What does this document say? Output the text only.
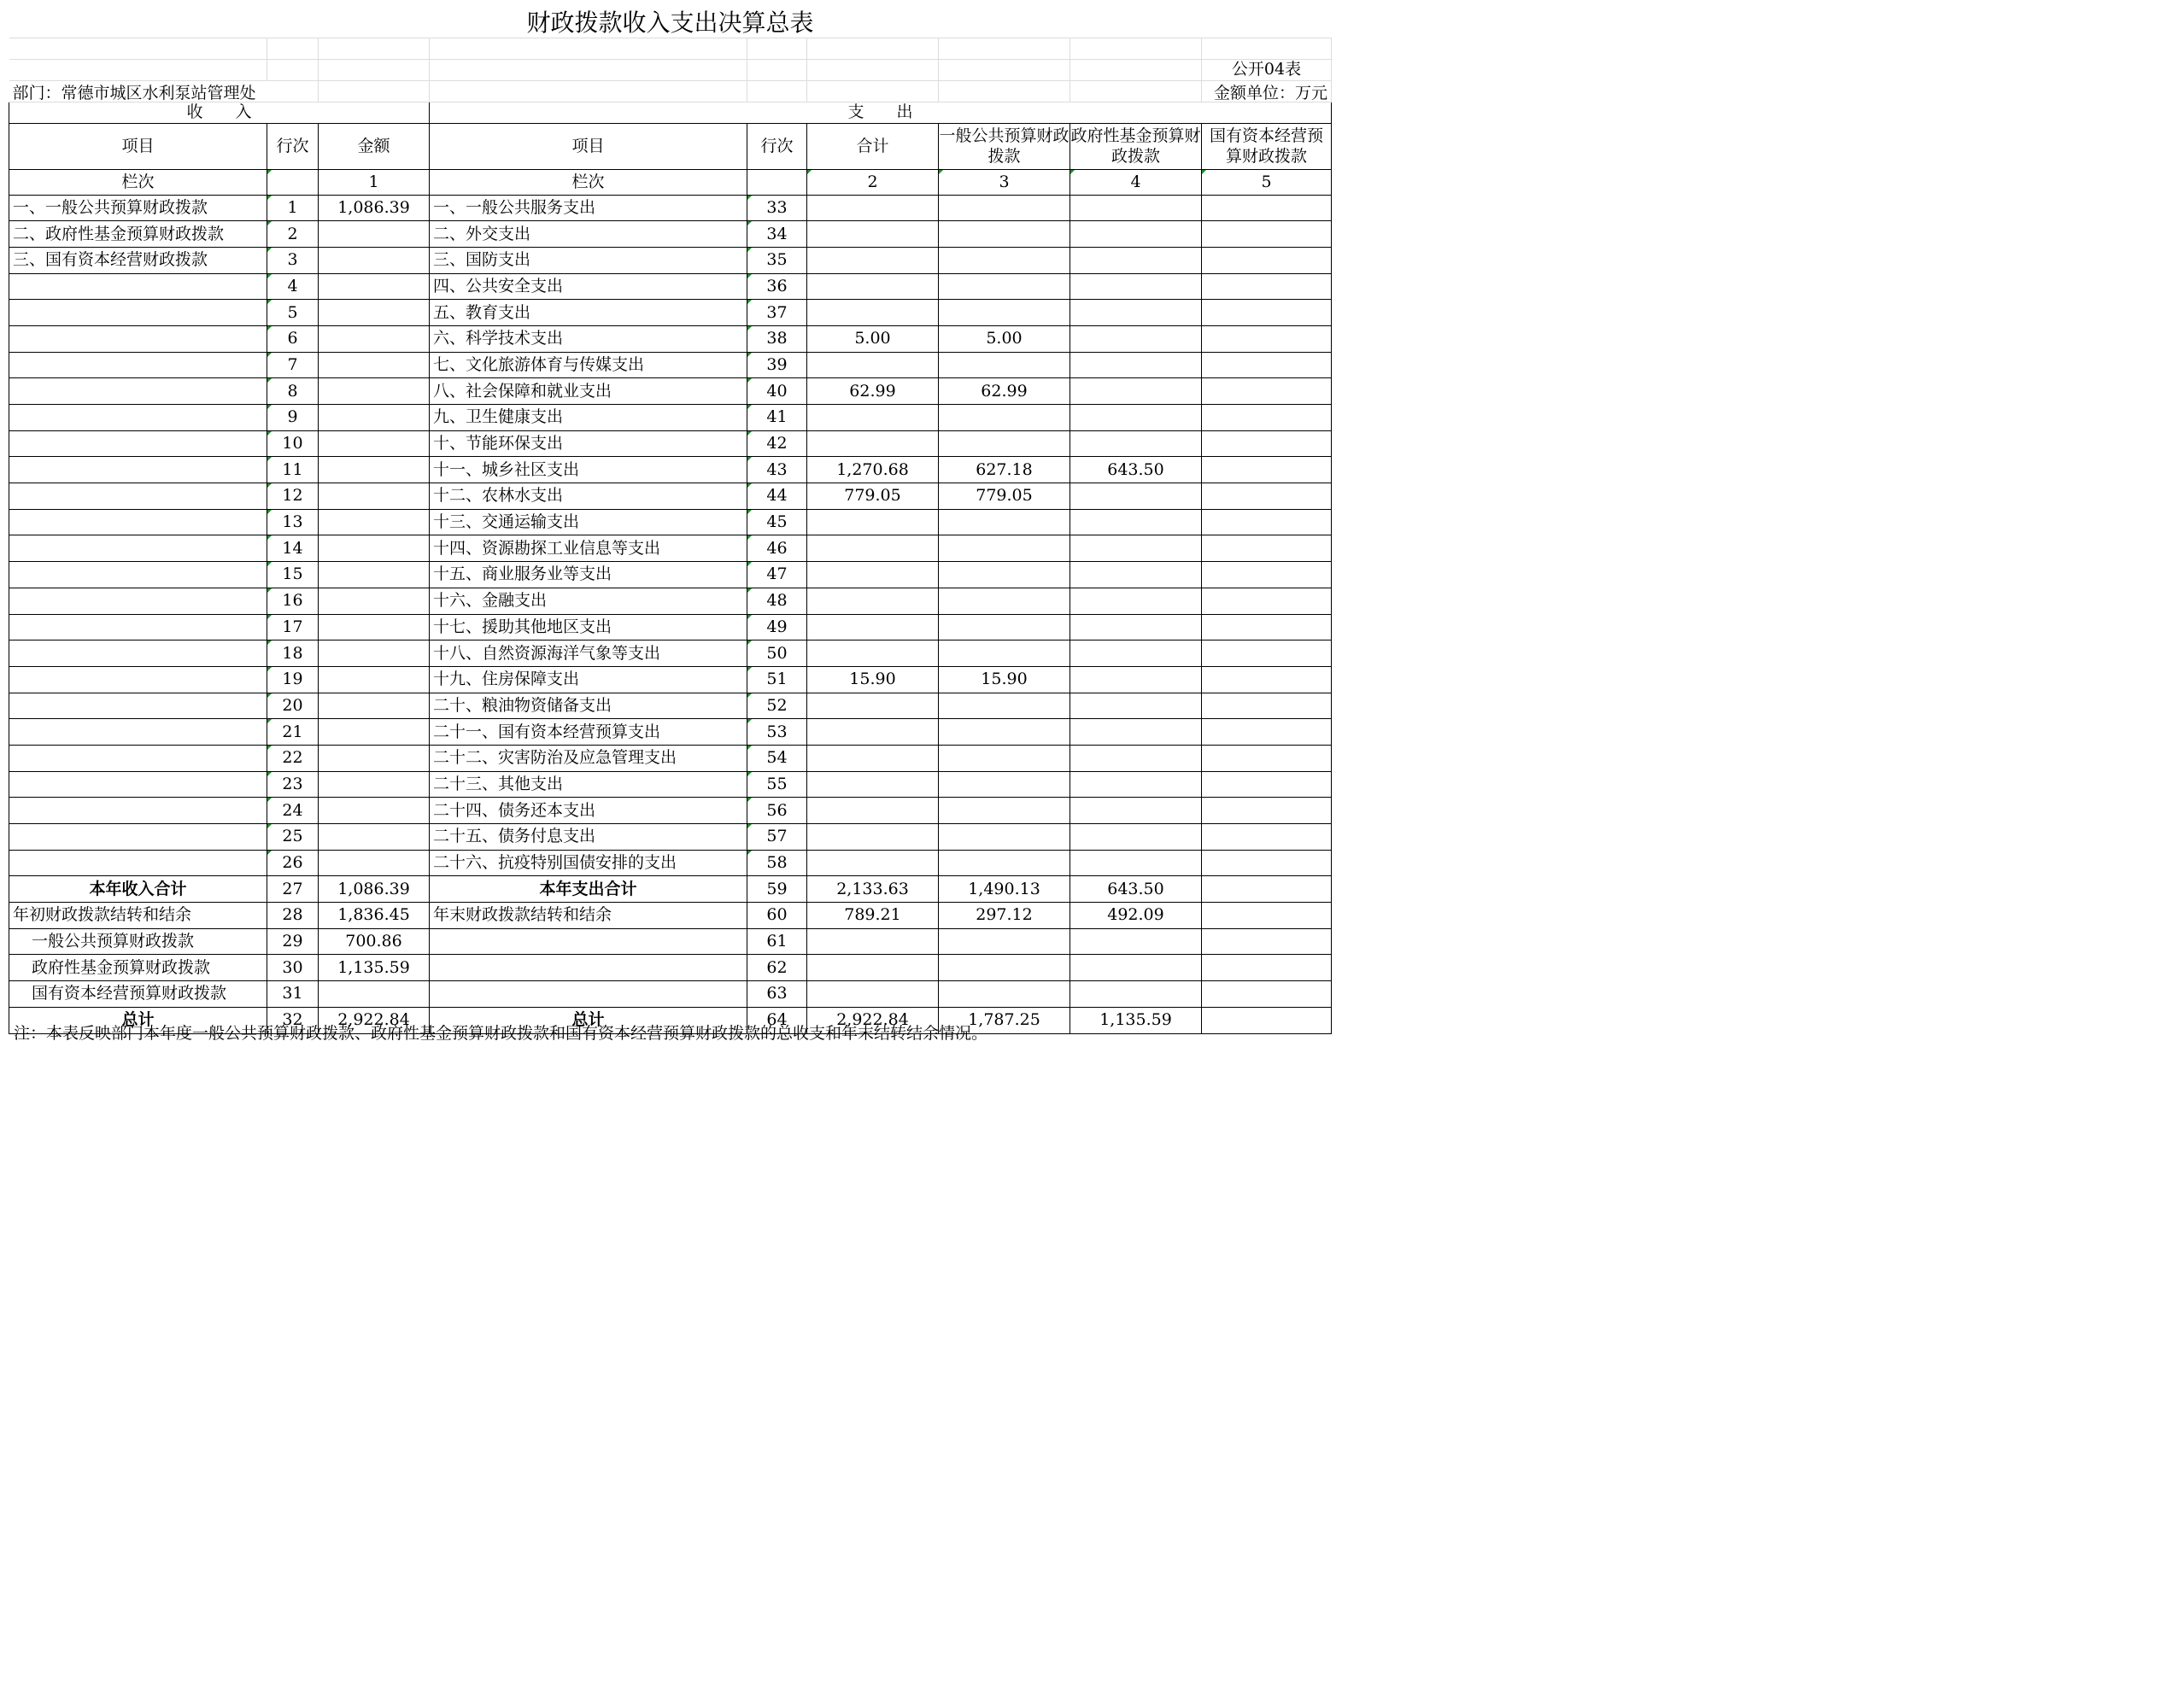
财政拨款收入支出决算总表								

								公开04表
部门：常德市城区水利泵站管理处								金额单位：万元
收　　入			支　　出					
项目	行次	金额	项目	行次	合计	一般公共预算财政拨款	政府性基金预算财政拨款	国有资本经营预算财政拨款
栏次		1	栏次		2	3	4	5
一、一般公共预算财政拨款	1	1,086.39	一、一般公共服务支出	33				
二、政府性基金预算财政拨款	2		二、外交支出	34				
三、国有资本经营财政拨款	3		三、国防支出	35				
	4		四、公共安全支出	36				
	5		五、教育支出	37				
	6		六、科学技术支出	38	5.00	5.00		
	7		七、文化旅游体育与传媒支出	39				
	8		八、社会保障和就业支出	40	62.99	62.99		
	9		九、卫生健康支出	41				
	10		十、节能环保支出	42				
	11		十一、城乡社区支出	43	1,270.68	627.18	643.50	
	12		十二、农林水支出	44	779.05	779.05		
	13		十三、交通运输支出	45				
	14		十四、资源勘探工业信息等支出	46				
	15		十五、商业服务业等支出	47				
	16		十六、金融支出	48				
	17		十七、援助其他地区支出	49				
	18		十八、自然资源海洋气象等支出	50				
	19		十九、住房保障支出	51	15.90	15.90		
	20		二十、粮油物资储备支出	52				
	21		二十一、国有资本经营预算支出	53				
	22		二十二、灾害防治及应急管理支出	54				
	23		二十三、其他支出	55				
	24		二十四、债务还本支出	56				
	25		二十五、债务付息支出	57				
	26		二十六、抗疫特别国债安排的支出	58				
本年收入合计	27	1,086.39	本年支出合计	59	2,133.63	1,490.13	643.50	
年初财政拨款结转和结余	28	1,836.45	年末财政拨款结转和结余	60	789.21	297.12	492.09	
一般公共预算财政拨款	29	700.86		61				
政府性基金预算财政拨款	30	1,135.59		62				
国有资本经营预算财政拨款	31			63				
总计	32	2,922.84	总计	64	2,922.84	1,787.25	1,135.59	
注：本表反映部门本年度一般公共预算财政拨款、政府性基金预算财政拨款和国有资本经营预算财政拨款的总收支和年末结转结余情况。
